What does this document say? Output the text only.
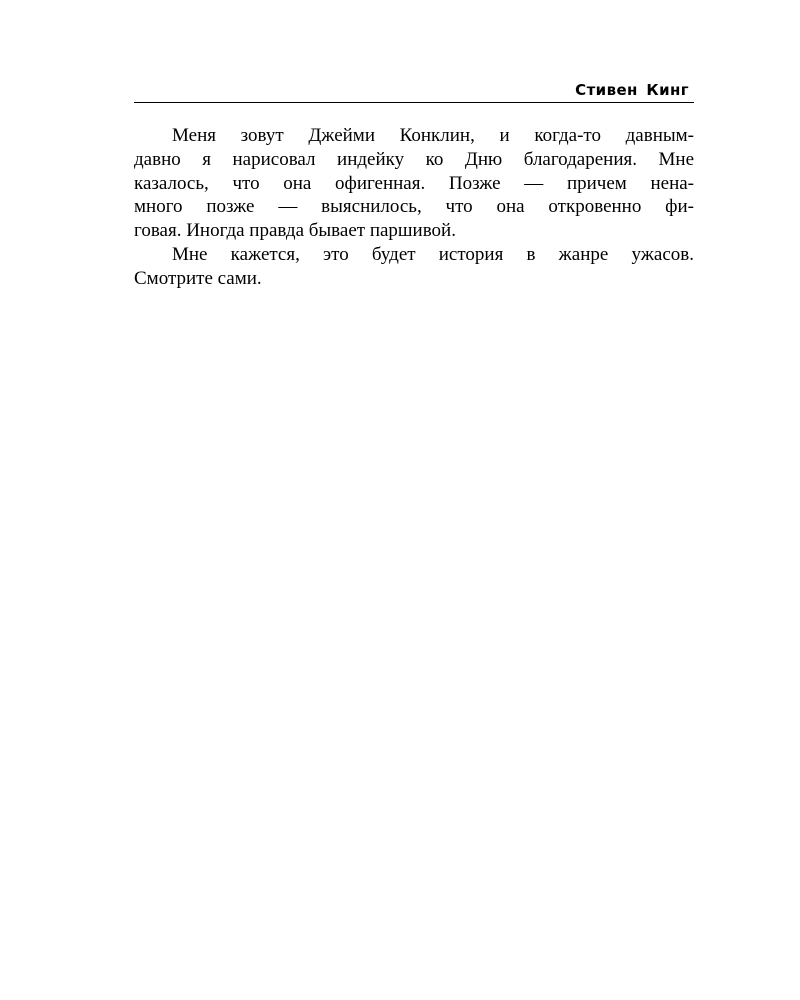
Стивен Кинг
Меня зовут Джейми Конклин, и когда-то давным-
давно я нарисовал индейку ко Дню благодарения. Мне
казалось, что она офигенная. Позже — причем нена-
много позже — выяснилось, что она откровенно фи-
говая. Иногда правда бывает паршивой.
Мне кажется, это будет история в жанре ужасов.
Смотрите сами.
